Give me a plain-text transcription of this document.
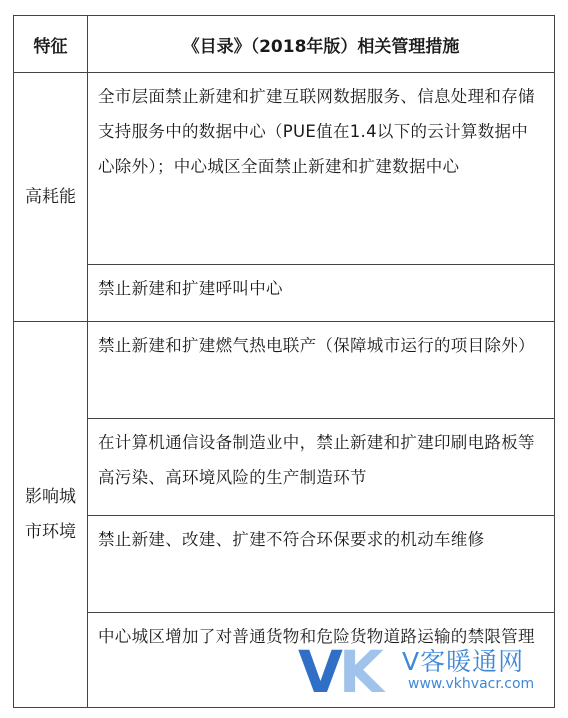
特征	《目录》（2018年版）相关管理措施
高耗能	全市层面禁止新建和扩建互联网数据服务、信息处理和存储支持服务中的数据中心（PUE值在1.4以下的云计算数据中心除外）；中心城区全面禁止新建和扩建数据中心
	禁止新建和扩建呼叫中心
影响城市环境	禁止新建和扩建燃气热电联产（保障城市运行的项目除外）
	在计算机通信设备制造业中，禁止新建和扩建印刷电路板等高污染、高环境风险的生产制造环节
	禁止新建、改建、扩建不符合环保要求的机动车维修
	中心城区增加了对普通货物和危险货物道路运输的禁限管理
VK V客暖通网
www.vkhvacr.com
